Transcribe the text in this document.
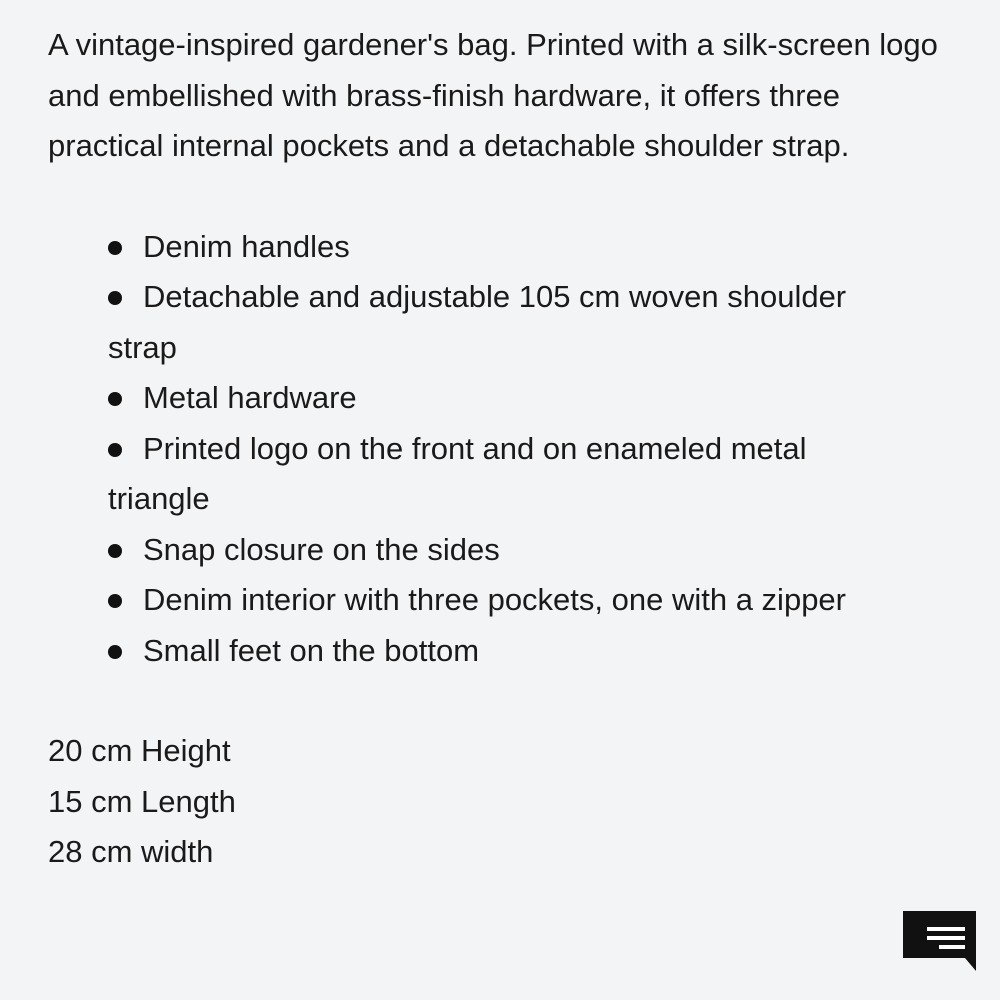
A vintage-inspired gardener's bag. Printed with a silk-screen logo and embellished with brass-finish hardware, it offers three practical internal pockets and a detachable shoulder strap.

Denim handles
Detachable and adjustable 105 cm woven shoulder
strap
Metal hardware
Printed logo on the front and on enameled metal
triangle
Snap closure on the sides
Denim interior with three pockets, one with a zipper
Small feet on the bottom
20 cm Height
15 cm Length
28 cm width
